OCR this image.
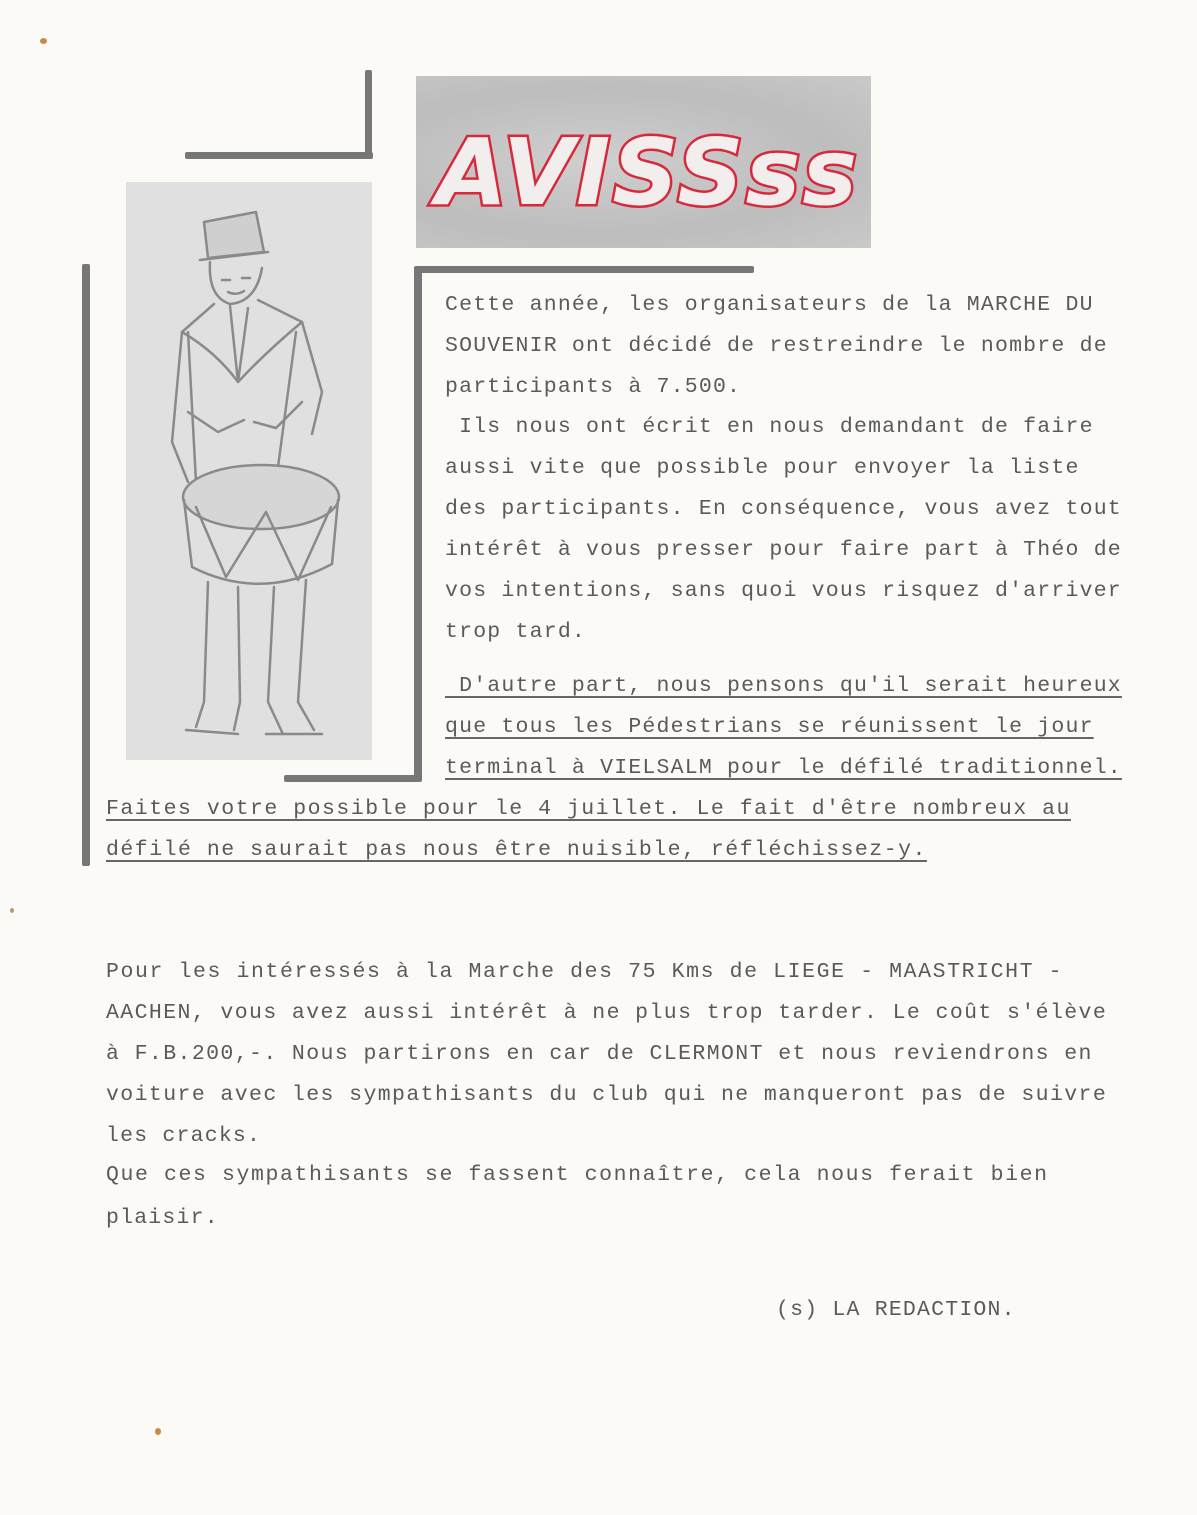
AVISSss
Cette année, les organisateurs de la MARCHE DU
SOUVENIR ont décidé de restreindre le nombre de
participants à 7.500.
Ils nous ont écrit en nous demandant de faire
aussi vite que possible pour envoyer la liste
des participants. En conséquence, vous avez tout
intérêt à vous presser pour faire part à Théo de
vos intentions, sans quoi vous risquez d'arriver
trop tard.
D'autre part, nous pensons qu'il serait heureux
que tous les Pédestrians se réunissent le jour
terminal à VIELSALM pour le défilé traditionnel.
Faites votre possible pour le 4 juillet. Le fait d'être nombreux au
défilé ne saurait pas nous être nuisible, réfléchissez-y.
Pour les intéressés à la Marche des 75 Kms de LIEGE - MAASTRICHT -
AACHEN, vous avez aussi intérêt à ne plus trop tarder. Le coût s'élève
à F.B.200,-. Nous partirons en car de CLERMONT et nous reviendrons en
voiture avec les sympathisants du club qui ne manqueront pas de suivre
les cracks.
Que ces sympathisants se fassent connaître, cela nous ferait bien
plaisir.
(s) LA REDACTION.
